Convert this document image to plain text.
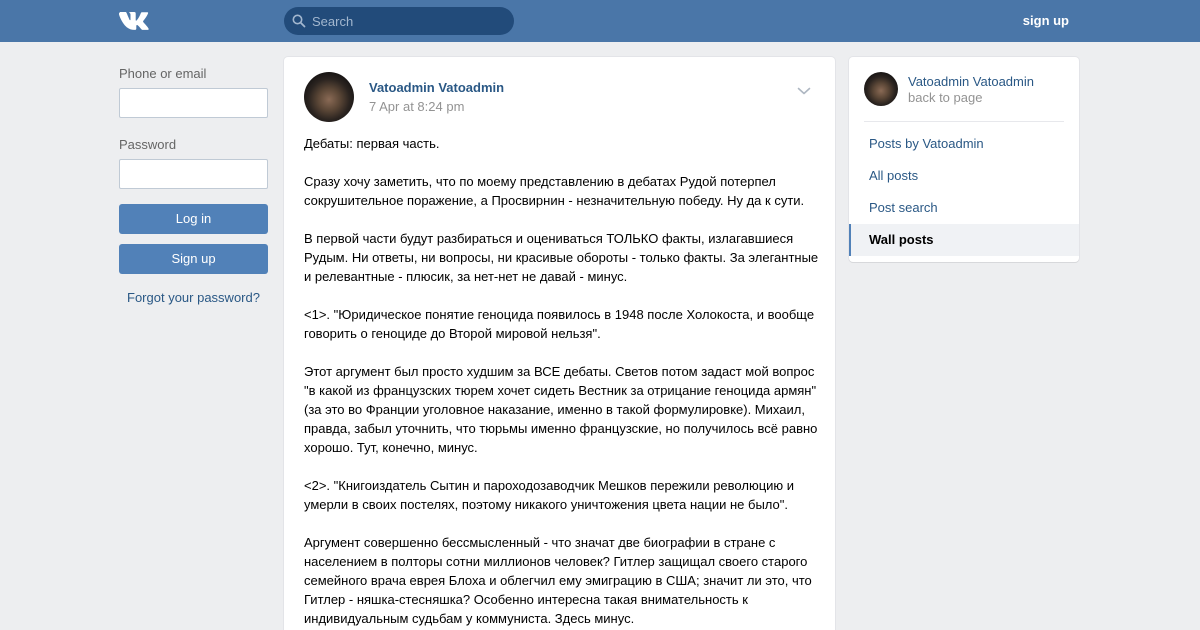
Search
sign up
Phone or email
Password
Log in
Sign up
Forgot your password?
Vatoadmin Vatoadmin
7 Apr at 8:24 pm

Дебаты: первая часть.

Сразу хочу заметить, что по моему представлению в дебатах Рудой потерпел сокрушительное поражение, а Просвирнин - незначительную победу. Ну да к сути.

В первой части будут разбираться и оцениваться ТОЛЬКО факты, излагавшиеся Рудым. Ни ответы, ни вопросы, ни красивые обороты - только факты. За элегантные и релевантные - плюсик, за нет-нет не давай - минус.

<1>. "Юридическое понятие геноцида появилось в 1948 после Холокоста, и вообще говорить о геноциде до Второй мировой нельзя".

Этот аргумент был просто худшим за ВСЕ дебаты. Светов потом задаст мой вопрос "в какой из французских тюрем хочет сидеть Вестник за отрицание геноцида армян" (за это во Франции уголовное наказание, именно в такой формулировке). Михаил, правда, забыл уточнить, что тюрьмы именно французские, но получилось всё равно хорошо. Тут, конечно, минус.

<2>. "Книгоиздатель Сытин и пароходозаводчик Мешков пережили революцию и умерли в своих постелях, поэтому никакого уничтожения цвета нации не было".

Аргумент совершенно бессмысленный - что значат две биографии в стране с населением в полторы сотни миллионов человек? Гитлер защищал своего старого семейного врача еврея Блоха и облегчил ему эмиграцию в США; значит ли это, что Гитлер - няшка-стесняшка? Особенно интересна такая внимательность к индивидуальным судьбам у коммуниста. Здесь минус.

Vatoadmin Vatoadmin
back to page
Posts by Vatoadmin
All posts
Post search
Wall posts
